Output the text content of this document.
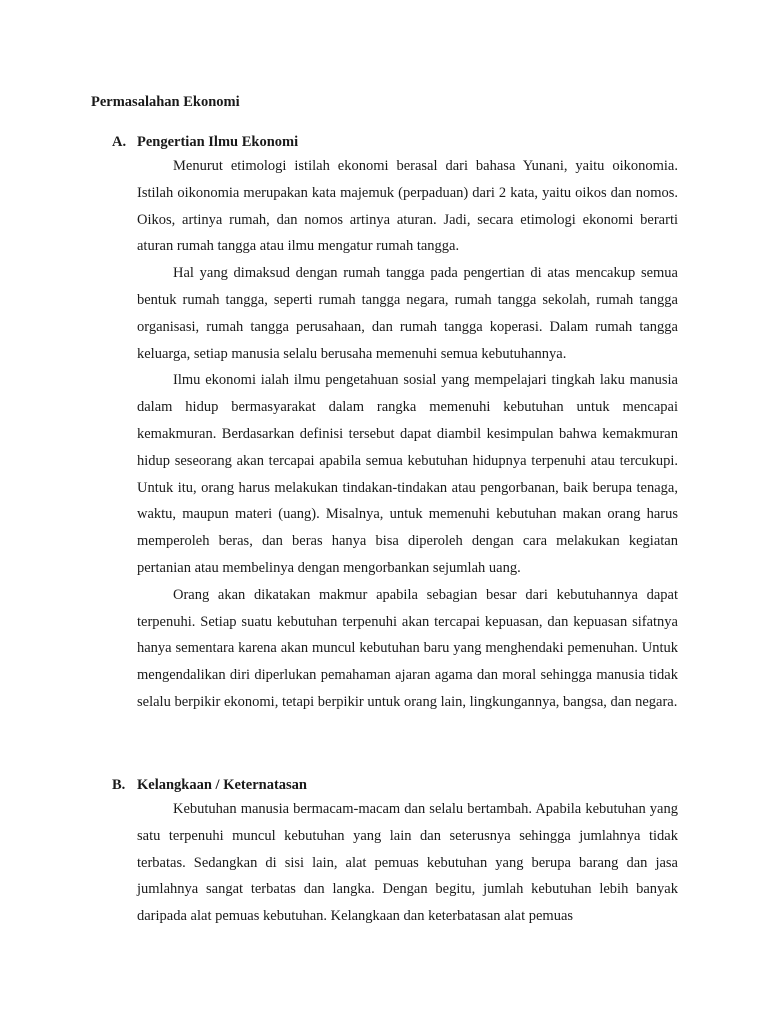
Permasalahan Ekonomi
A. Pengertian Ilmu Ekonomi

Menurut etimologi istilah ekonomi berasal dari bahasa Yunani, yaitu oikonomia. Istilah oikonomia merupakan kata majemuk (perpaduan) dari 2 kata, yaitu oikos dan nomos. Oikos, artinya rumah, dan nomos artinya aturan. Jadi, secara etimologi ekonomi berarti aturan rumah tangga atau ilmu mengatur rumah tangga.

Hal yang dimaksud dengan rumah tangga pada pengertian di atas mencakup semua bentuk rumah tangga, seperti rumah tangga negara, rumah tangga sekolah, rumah tangga organisasi, rumah tangga perusahaan, dan rumah tangga koperasi. Dalam rumah tangga keluarga, setiap manusia selalu berusaha memenuhi semua kebutuhannya.

Ilmu ekonomi ialah ilmu pengetahuan sosial yang mempelajari tingkah laku manusia dalam hidup bermasyarakat dalam rangka memenuhi kebutuhan untuk mencapai kemakmuran. Berdasarkan definisi tersebut dapat diambil kesimpulan bahwa kemakmuran hidup seseorang akan tercapai apabila semua kebutuhan hidupnya terpenuhi atau tercukupi. Untuk itu, orang harus melakukan tindakan-tindakan atau pengorbanan, baik berupa tenaga, waktu, maupun materi (uang). Misalnya, untuk memenuhi kebutuhan makan orang harus memperoleh beras, dan beras hanya bisa diperoleh dengan cara melakukan kegiatan pertanian atau membelinya dengan mengorbankan sejumlah uang.

Orang akan dikatakan makmur apabila sebagian besar dari kebutuhannya dapat terpenuhi. Setiap suatu kebutuhan terpenuhi akan tercapai kepuasan, dan kepuasan sifatnya hanya sementara karena akan muncul kebutuhan baru yang menghendaki pemenuhan. Untuk mengendalikan diri diperlukan pemahaman ajaran agama dan moral sehingga manusia tidak selalu berpikir ekonomi, tetapi berpikir untuk orang lain, lingkungannya, bangsa, dan negara.

B. Kelangkaan / Keternatasan

Kebutuhan manusia bermacam-macam dan selalu bertambah. Apabila kebutuhan yang satu terpenuhi muncul kebutuhan yang lain dan seterusnya sehingga jumlahnya tidak terbatas. Sedangkan di sisi lain, alat pemuas kebutuhan yang berupa barang dan jasa jumlahnya sangat terbatas dan langka. Dengan begitu, jumlah kebutuhan lebih banyak daripada alat pemuas kebutuhan. Kelangkaan dan keterbatasan alat pemuas
